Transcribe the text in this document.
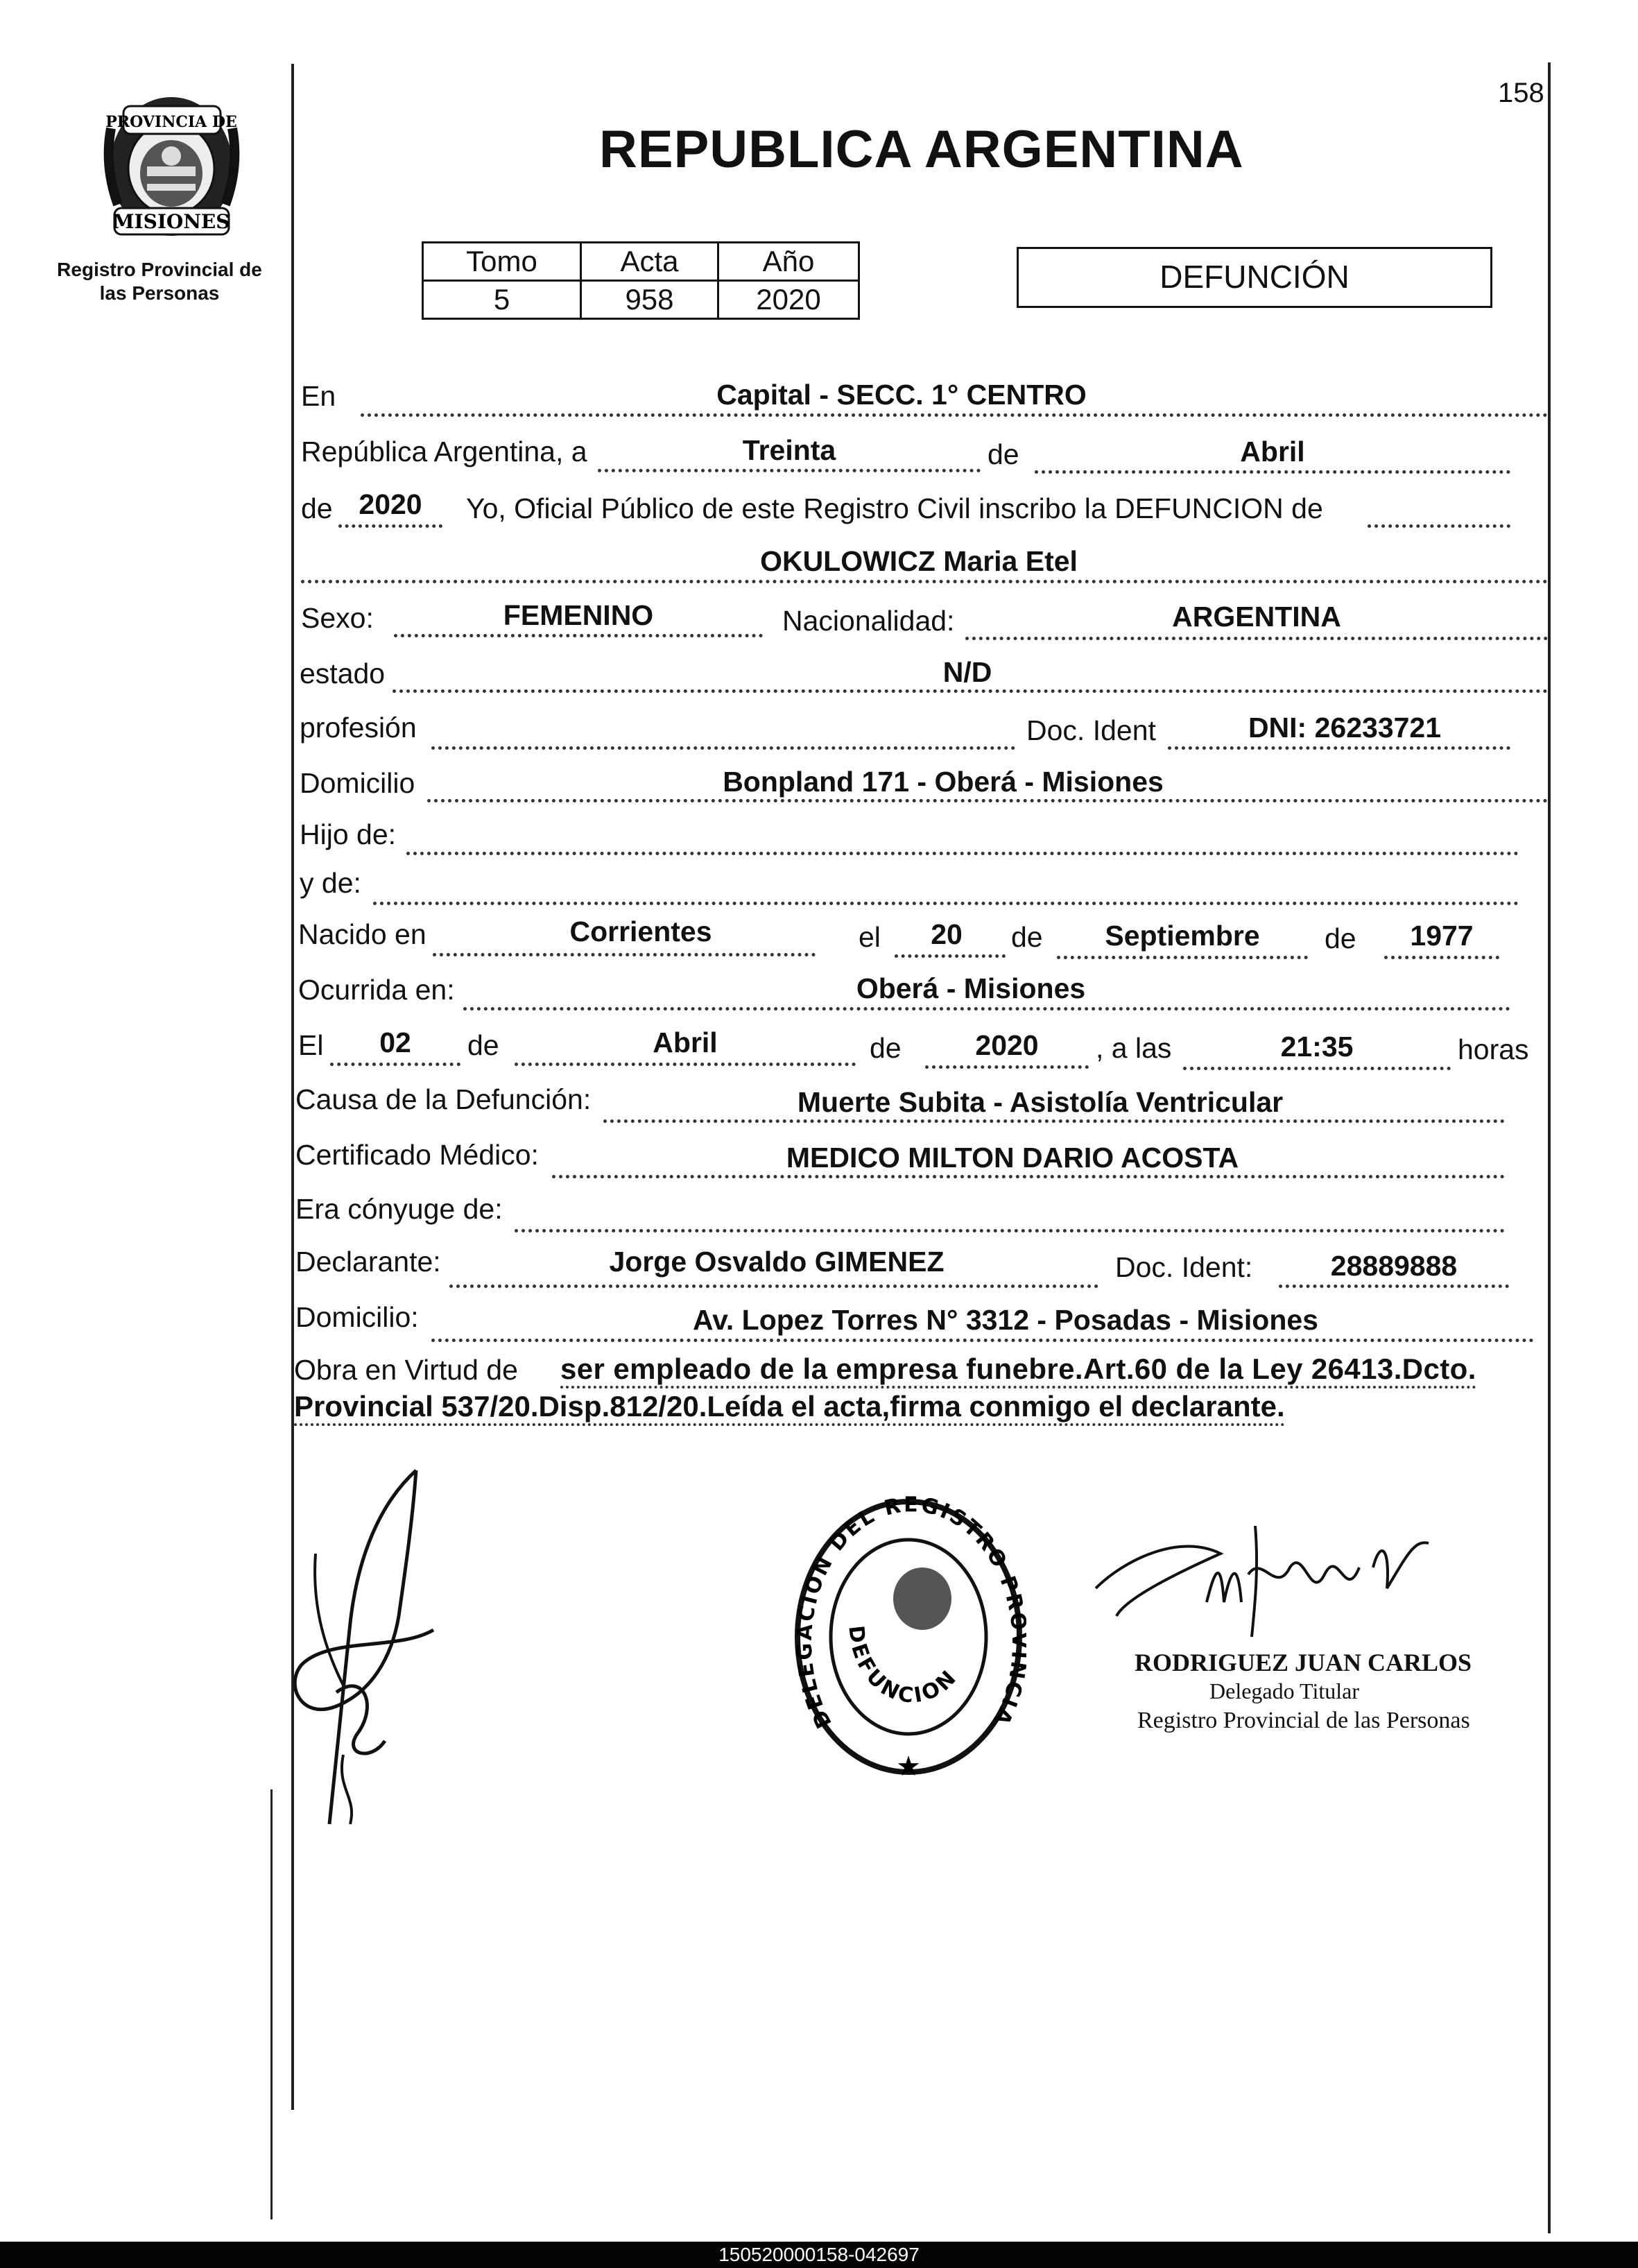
158
PROVINCIA DE
MISIONES
Registro Provincial de
las Personas
REPUBLICA ARGENTINA
Tomo	Acta	Año
5	958	2020
DEFUNCIÓN
En	Capital - SECC. 1° CENTRO
República Argentina, a	Treinta	de	Abril
de 2020	Yo, Oficial Público de este Registro Civil inscribo la DEFUNCION de
OKULOWICZ Maria Etel
Sexo:	FEMENINO	Nacionalidad:	ARGENTINA
estado	N/D
profesión	Doc. Ident	DNI: 26233721
Domicilio	Bonpland 171 - Oberá - Misiones
Hijo de:
y de:
Nacido en	Corrientes	el	20	de	Septiembre	de	1977
Ocurrida en:	Oberá - Misiones
El	02	de	Abril	de	2020	, a las	21:35	horas
Causa de la Defunción:	Muerte Subita - Asistolía Ventricular
Certificado Médico:	MEDICO MILTON DARIO ACOSTA
Era cónyuge de:
Declarante:	Jorge Osvaldo GIMENEZ	Doc. Ident:	28889888
Domicilio:	Av. Lopez Torres N° 3312 - Posadas - Misiones
Obra en Virtud de ser empleado de la empresa funebre.Art.60 de la Ley 26413.Dcto.
Provincial 537/20.Disp.812/20.Leída el acta,firma conmigo el declarante.
DELEGACION DEL REGISTRO PR CIA
DEFUNCION
★
RODRIGUEZ JUAN CARLOS
Delegado Titular
Registro Provincial de las Personas
150520000158-042697
